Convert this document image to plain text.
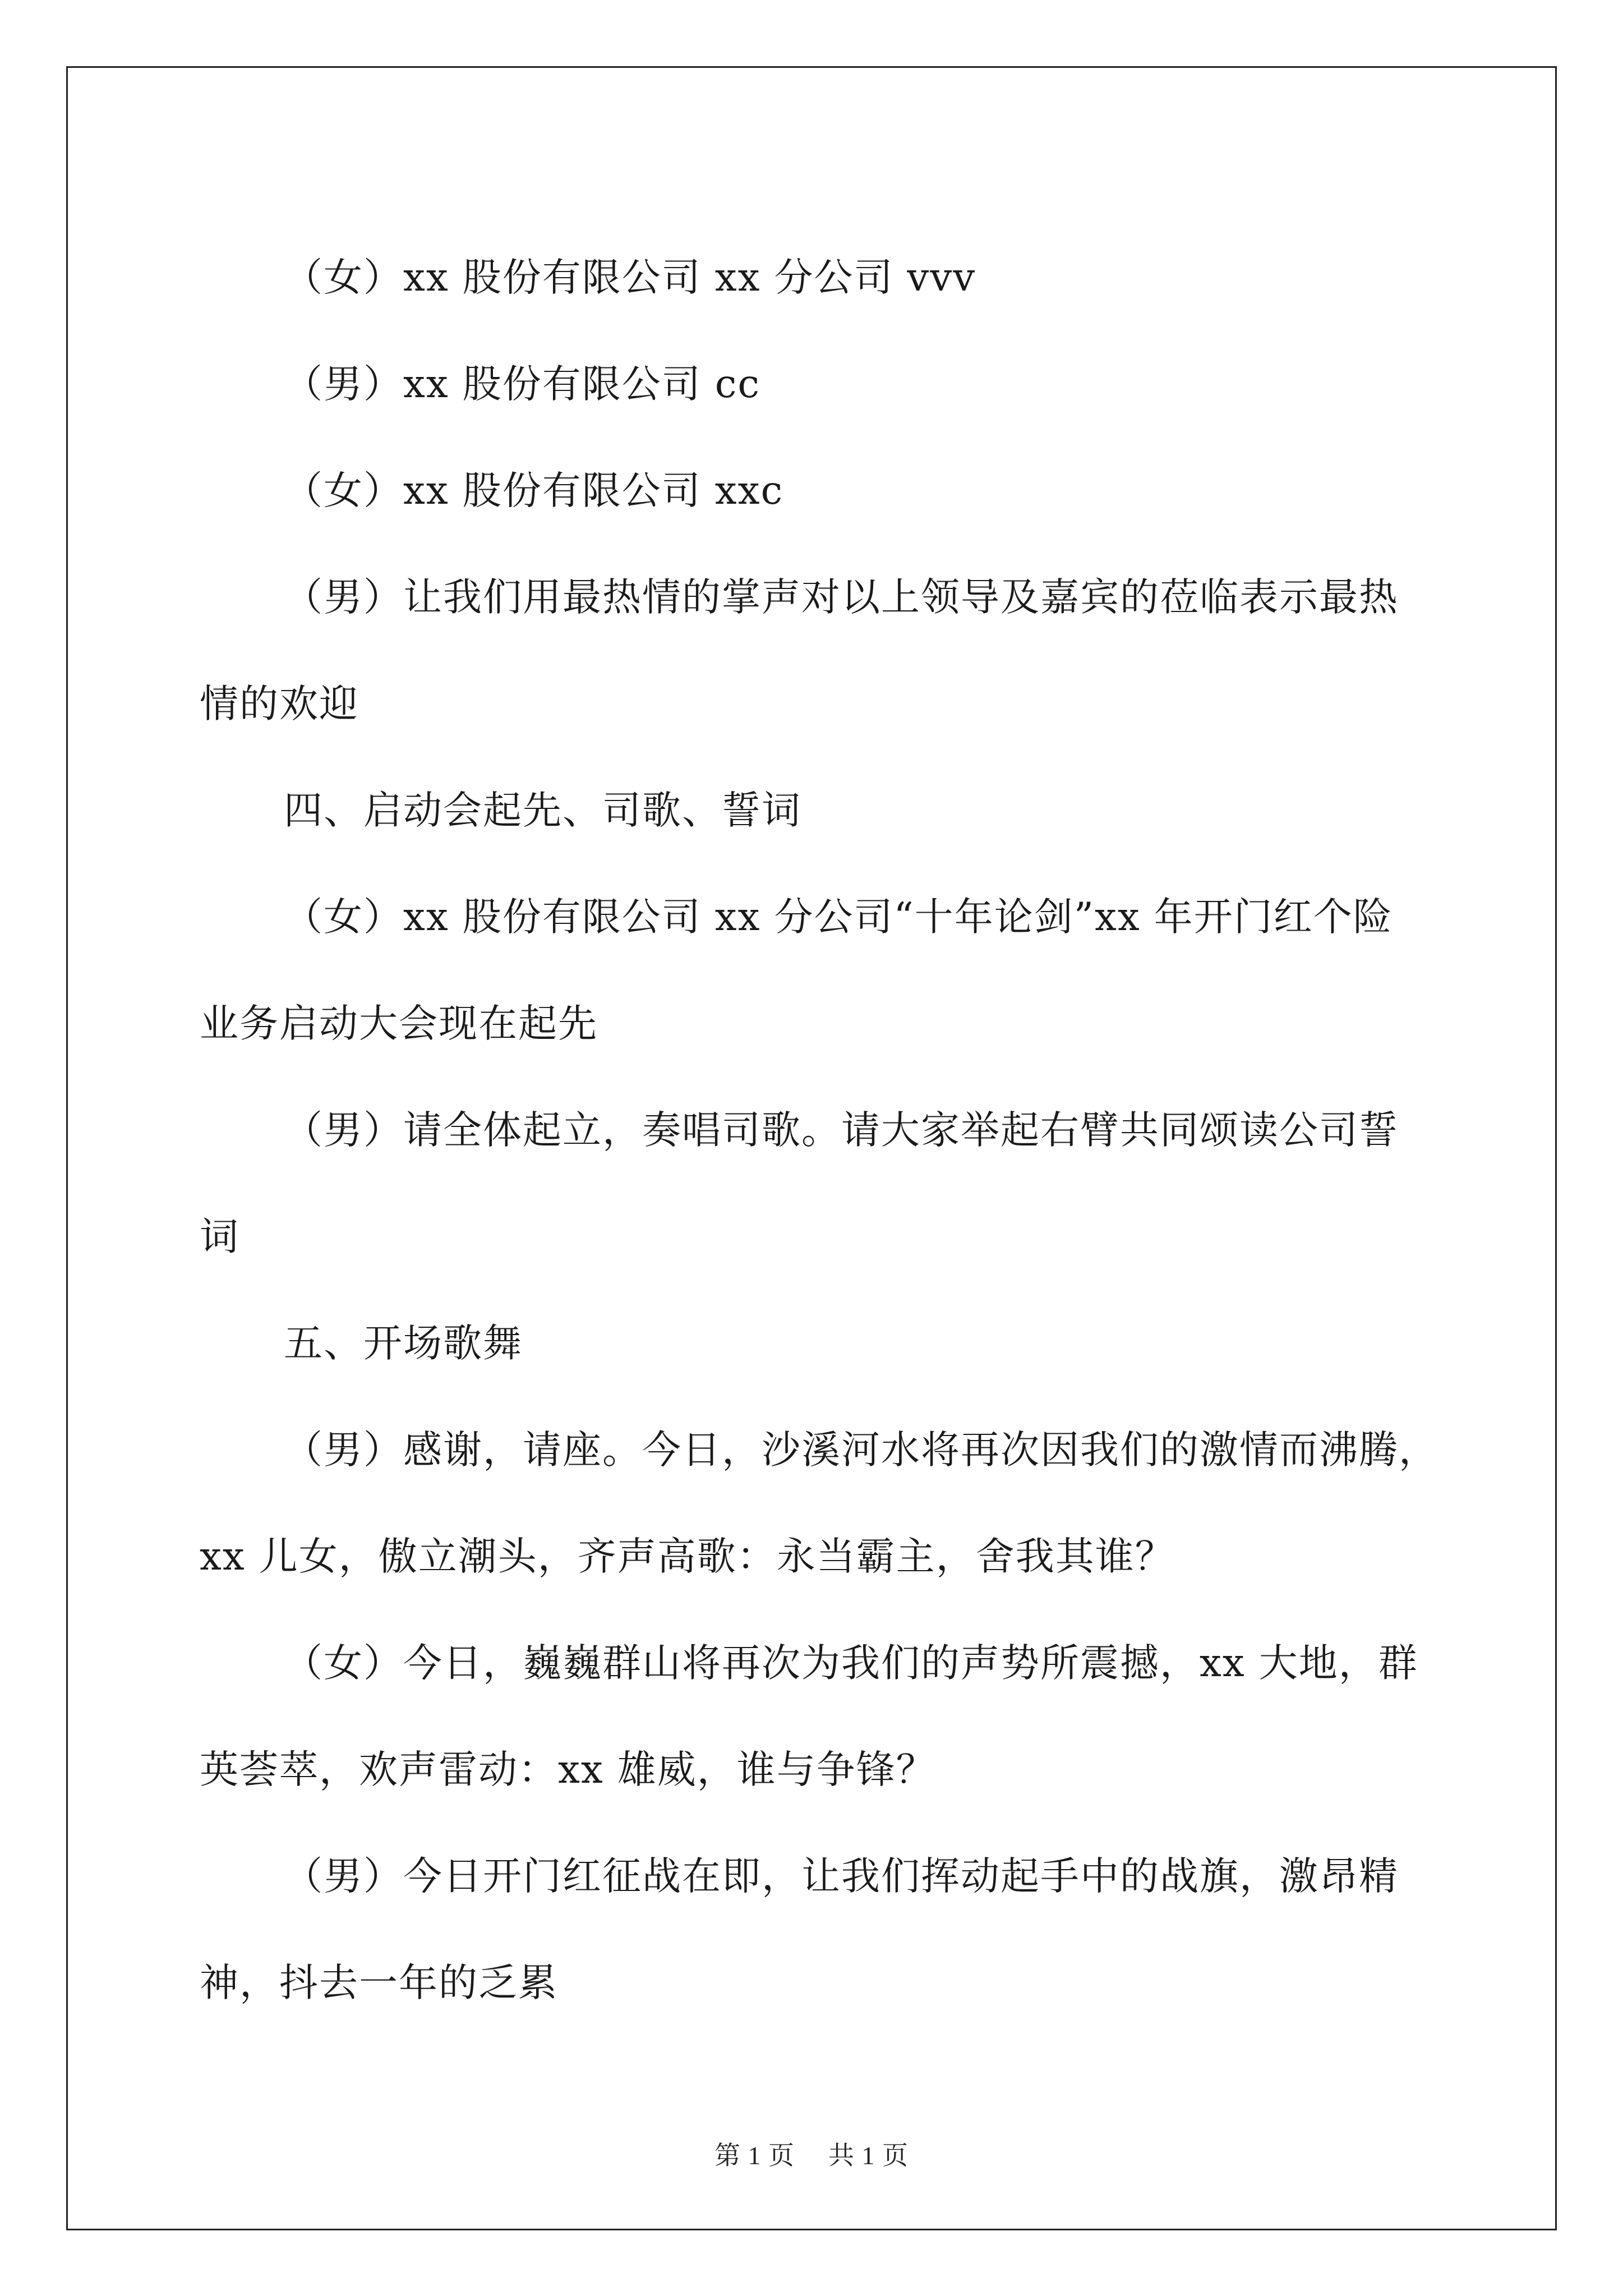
（女）xx 股份有限公司 xx 分公司 vvv

（男）xx 股份有限公司 cc

（女）xx 股份有限公司 xxc

（男）让我们用最热情的掌声对以上领导及嘉宾的莅临表示最热

情的欢迎

四、启动会起先、司歌、誓词

（女）xx 股份有限公司 xx 分公司“十年论剑”xx 年开门红个险

业务启动大会现在起先

（男）请全体起立，奏唱司歌。请大家举起右臂共同颂读公司誓

词

五、开场歌舞

（男）感谢，请座。今日，沙溪河水将再次因我们的激情而沸腾，

xx 儿女，傲立潮头，齐声高歌：永当霸主，舍我其谁？

（女）今日，巍巍群山将再次为我们的声势所震撼，xx 大地，群

英荟萃，欢声雷动：xx 雄威，谁与争锋？

（男）今日开门红征战在即，让我们挥动起手中的战旗，激昂精

神，抖去一年的乏累

第 1 页 共 1 页
